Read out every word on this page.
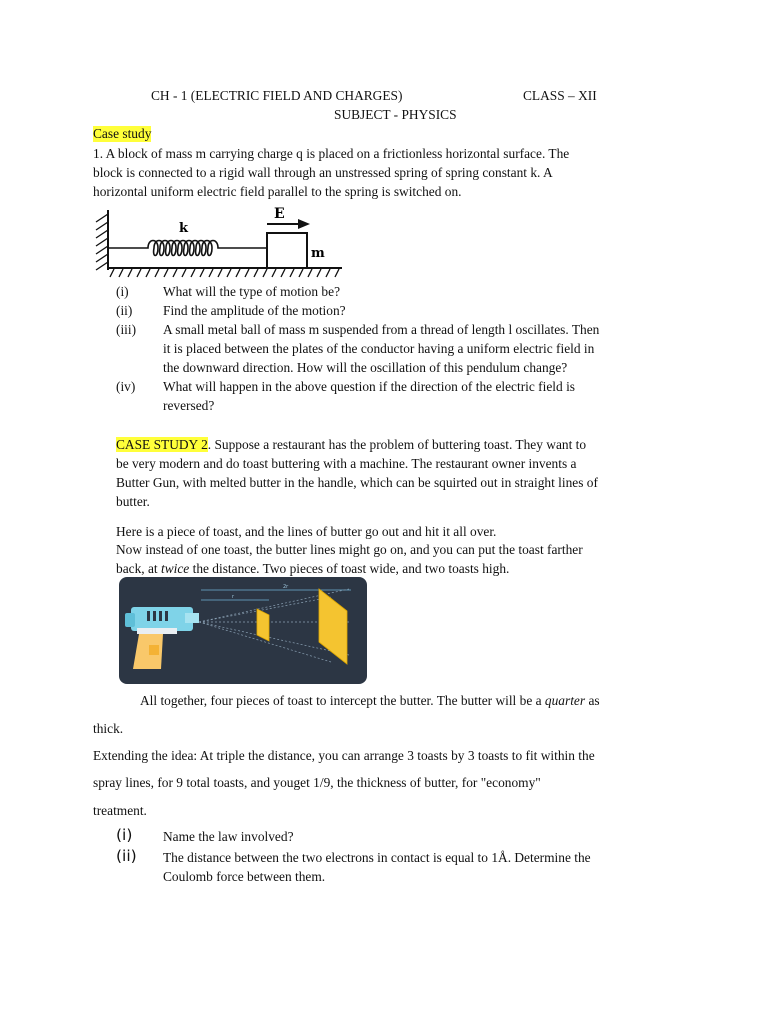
CH - 1 (ELECTRIC FIELD AND CHARGES)	CLASS – XII
SUBJECT - PHYSICS
Case study
1. A block of mass m carrying charge q is placed on a frictionless horizontal surface. The
block is connected to a rigid wall through an unstressed spring of spring constant k. A
horizontal uniform electric field parallel to the spring is switched on.
E
k
m
(i)	What will the type of motion be?
(ii) Find the amplitude of the motion?
(iii) A small metal ball of mass m suspended from a thread of length l oscillates. Then
it is placed between the plates of the conductor having a uniform electric field in
the downward direction. How will the oscillation of this pendulum change?
(iv) What will happen in the above question if the direction of the electric field is
reversed?
CASE STUDY 2. Suppose a restaurant has the problem of buttering toast. They want to
be very modern and do toast buttering with a machine. The restaurant owner invents a
Butter Gun, with melted butter in the handle, which can be squirted out in straight lines of
butter.
Here is a piece of toast, and the lines of butter go out and hit it all over.
Now instead of one toast, the butter lines might go on, and you can put the toast farther
back, at twice the distance. Two pieces of toast wide, and two toasts high.
2r
r
All together, four pieces of toast to intercept the butter. The butter will be a quarter as
thick.
Extending the idea: At triple the distance, you can arrange 3 toasts by 3 toasts to fit within the
spray lines, for 9 total toasts, and youget 1/9, the thickness of butter, for "economy"
treatment.
(i) Name the law involved?
(ii) The distance between the two electrons in contact is equal to 1Å. Determine the
Coulomb force between them.
